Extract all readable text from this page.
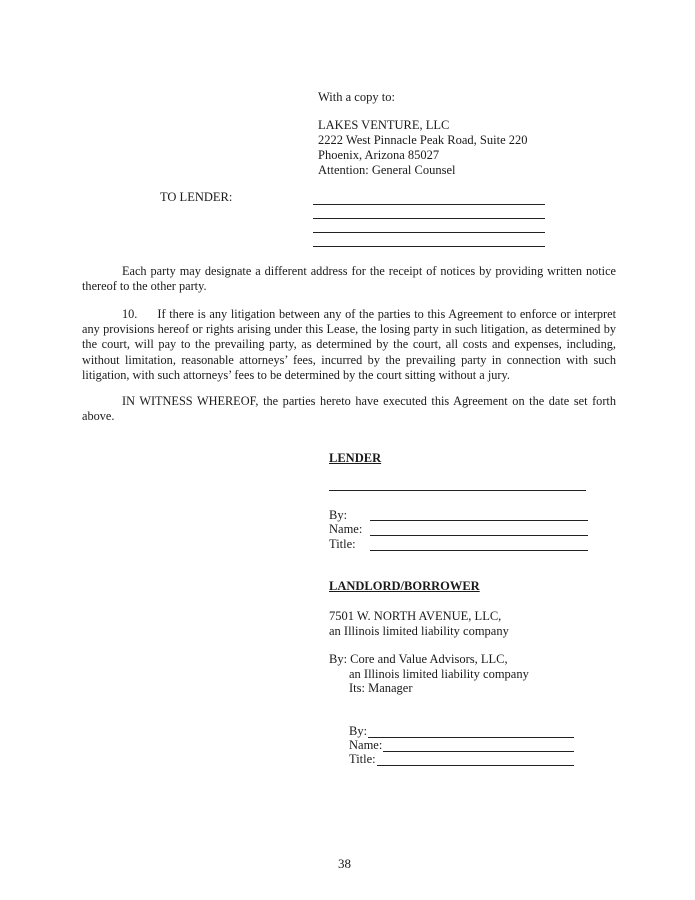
With a copy to:
LAKES VENTURE, LLC
2222 West Pinnacle Peak Road, Suite 220
Phoenix, Arizona 85027
Attention: General Counsel
TO LENDER:
Each party may designate a different address for the receipt of notices by providing written notice thereof to the other party.
10. If there is any litigation between any of the parties to this Agreement to enforce or interpret any provisions hereof or rights arising under this Lease, the losing party in such litigation, as determined by the court, will pay to the prevailing party, as determined by the court, all costs and expenses, including, without limitation, reasonable attorneys’ fees, incurred by the prevailing party in connection with such litigation, with such attorneys’ fees to be determined by the court sitting without a jury.
IN WITNESS WHEREOF, the parties hereto have executed this Agreement on the date set forth above.
LENDER
By:
Name:
Title:
LANDLORD/BORROWER
7501 W. NORTH AVENUE, LLC,
an Illinois limited liability company
By: Core and Value Advisors, LLC,
an Illinois limited liability company
Its: Manager
By:
Name:
Title:
38
